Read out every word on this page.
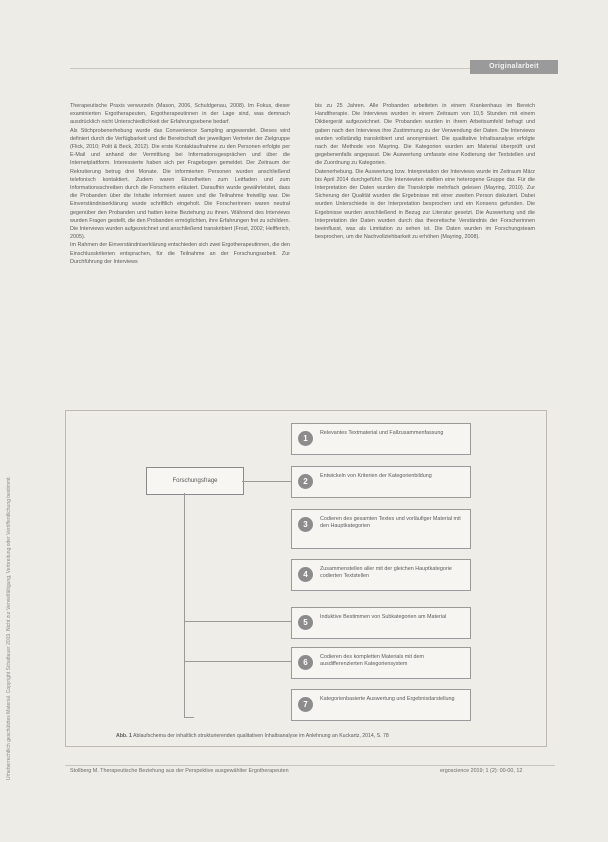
Urheberrechtlich geschütztes Material. Copyright Schattauer 2019. Nicht zur Vervielfältigung, Verbreitung oder Veröffentlichung bestimmt.
Originalarbeit

Therapeutische Praxis verwurzeln (Mason, 2006, Schuldgenau, 2008). Im Fokus, dieser examinierten Ergotherapeuten, Ergotherapeutinnen in der Lage sind, was demnach ausdrücklich nicht Unterschiedlichkeit der Erfahrungsebene bedarf.

Als Stichprobenerhebung wurde das Convenience Sampling angewendet. Dieses wird definiert durch die Verfügbarkeit und die Bereitschaft der jeweiligen Vertreter der Zielgruppe (Flick, 2010; Polit & Beck, 2012). Die erste Kontaktaufnahme zu den Personen erfolgte per E-Mail und anhand der Vermittlung bei Informationsgesprächen und über die Internetplattform. Interessierte haben sich per Fragebogen gemeldet. Der Zeitraum der Rekrutierung betrug drei Monate. Die informierten Personen wurden anschließend telefonisch kontaktiert. Zudem waren Einzelheiten zum Leitfaden und zum Informationsschreiben durch die Forscherin erläutert. Daraufhin wurde gewährleistet, dass die Probanden über die Inhalte informiert waren und die Teilnahme freiwillig war. Die Einverständniserklärung wurde schriftlich eingeholt. Die Forscherinnen waren neutral gegenüber den Probanden und hatten keine Beziehung zu ihnen. Während des Interviews wurden Fragen gestellt, die den Probanden ermöglichten, ihre Erfahrungen frei zu schildern. Die Interviews wurden aufgezeichnet und anschließend transkribiert (Frost, 2002; Helfferich, 2005).

Im Rahmen der Einverständniserklärung entschieden sich zwei Ergotherapeutinnen, die den Einschlusskriterien entsprachen, für die Teilnahme an der Forschungsarbeit. Zur Durchführung der Interviews

bis zu 25 Jahren. Alle Probanden arbeiteten in einem Krankenhaus im Bereich Handtherapie. Die Interviews wurden in einem Zeitraum von 10,5 Stunden mit einem Diktiergerät aufgezeichnet. Die Probanden wurden in ihrem Arbeitsumfeld befragt und gaben nach den Interviews ihre Zustimmung zu der Verwendung der Daten. Die Interviews wurden vollständig transkribiert und anonymisiert. Die qualitative Inhaltsanalyse erfolgte nach der Methode von Mayring. Die Kategorien wurden am Material überprüft und gegebenenfalls angepasst. Die Auswertung umfasste eine Kodierung der Textstellen und die Zuordnung zu Kategorien.

Datenerhebung. Die Auswertung bzw. Interpretation der Interviews wurde im Zeitraum März bis April 2014 durchgeführt. Die Interviewten stellten eine heterogene Gruppe dar. Für die Interpretation der Daten wurden die Transkripte mehrfach gelesen (Mayring, 2010). Zur Sicherung der Qualität wurden die Ergebnisse mit einer zweiten Person diskutiert. Dabei wurden Unterschiede in der Interpretation besprochen und ein Konsens gefunden. Die Ergebnisse wurden anschließend in Bezug zur Literatur gesetzt. Die Auswertung und die Interpretation der Daten wurden durch das theoretische Verständnis der Forscherinnen beeinflusst, was als Limitation zu sehen ist. Die Daten wurden im Forschungsteam besprochen, um die Nachvollziehbarkeit zu erhöhen (Mayring, 2008).

Forschungsfrage
1
Relevantes Textmaterial und Fallzusammenfassung
2
Entwickeln von Kriterien der Kategorienbildung
3
Codieren des gesamten Textes und vorläufiger Material mit den Hauptkategorien
4
Zusammenstellen aller mit der gleichen Hauptkategorie codierten Textstellen
5
Induktive Bestimmen von Subkategorien am Material
6
Codieren des kompletten Materials mit dem ausdifferenzierten Kategoriensystem
7
Kategorienbasierte Auswertung und Ergebnisdarstellung
Abb. 1 Ablaufschema der inhaltlich strukturierenden qualitativen Inhaltsanalyse im Anlehnung an Kuckartz, 2014, S. 78
Stollberg M. Therapeutische Beziehung aus der Perspektive ausgewählter Ergotherapeuten	ergoscience 2019; 1 (2): 00-00, 12
